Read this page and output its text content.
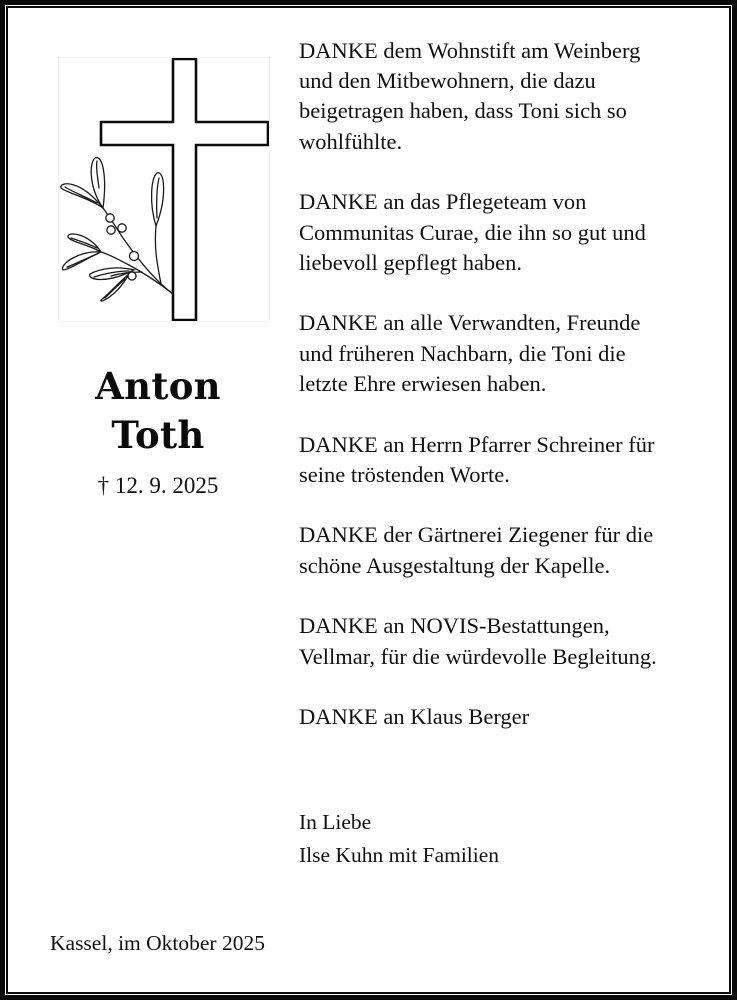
Anton
Toth
† 12. 9. 2025

DANKE dem Wohnstift am Weinberg
und den Mitbewohnern, die dazu
beigetragen haben, dass Toni sich so
wohlfühlte.

DANKE an das Pflegeteam von
Communitas Curae, die ihn so gut und
liebevoll gepflegt haben.

DANKE an alle Verwandten, Freunde
und früheren Nachbarn, die Toni die
letzte Ehre erwiesen haben.

DANKE an Herrn Pfarrer Schreiner für
seine tröstenden Worte.

DANKE der Gärtnerei Ziegener für die
schöne Ausgestaltung der Kapelle.

DANKE an NOVIS-Bestattungen,
Vellmar, für die würdevolle Begleitung.

DANKE an Klaus Berger

In Liebe
Ilse Kuhn mit Familien
Kassel, im Oktober 2025
